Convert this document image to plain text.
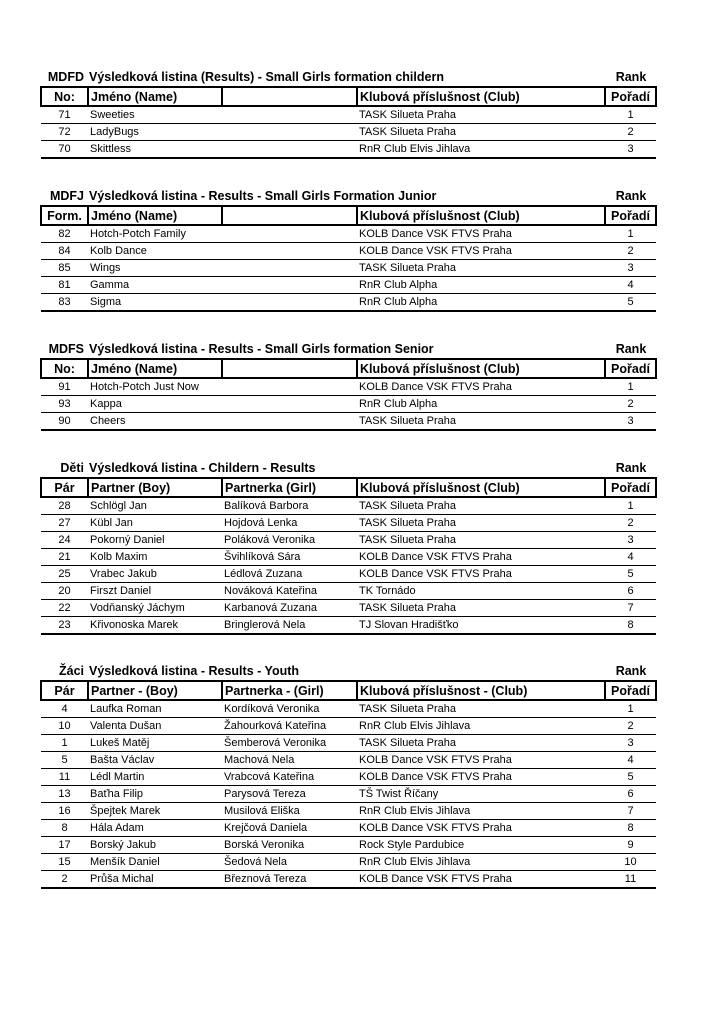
MDFD Výsledková listina (Results) - Small Girls formation childern	Rank
No:	Jméno (Name)		Klubová příslušnost (Club)	Pořadí
71	Sweeties		TASK Silueta Praha	1
72	LadyBugs		TASK Silueta Praha	2
70	Skittless		RnR Club Elvis Jihlava	3
MDFJ Výsledková listina - Results - Small Girls Formation Junior	Rank
Form.	Jméno (Name)		Klubová příslušnost (Club)	Pořadí
82	Hotch-Potch Family		KOLB Dance VSK FTVS Praha	1
84	Kolb Dance		KOLB Dance VSK FTVS Praha	2
85	Wings		TASK Silueta Praha	3
81	Gamma		RnR Club Alpha	4
83	Sigma		RnR Club Alpha	5
MDFS Výsledková listina - Results - Small Girls formation Senior	Rank
No:	Jméno (Name)		Klubová příslušnost (Club)	Pořadí
91	Hotch-Potch Just Now		KOLB Dance VSK FTVS Praha	1
93	Kappa		RnR Club Alpha	2
90	Cheers		TASK Silueta Praha	3
Děti Výsledková listina - Childern - Results	Rank
Pár	Partner (Boy)	Partnerka (Girl)	Klubová příslušnost (Club)	Pořadí
28	Schlögl Jan	Balíková Barbora	TASK Silueta Praha	1
27	Kübl Jan	Hojdová Lenka	TASK Silueta Praha	2
24	Pokorný Daniel	Poláková Veronika	TASK Silueta Praha	3
21	Kolb Maxim	Švihlíková Sára	KOLB Dance VSK FTVS Praha	4
25	Vrabec Jakub	Lédlová Zuzana	KOLB Dance VSK FTVS Praha	5
20	Firszt Daniel	Nováková Kateřina	TK Tornádo	6
22	Vodňanský Jáchym	Karbanová Zuzana	TASK Silueta Praha	7
23	Křivonoska Marek	Bringlerová Nela	TJ Slovan Hradišťko	8
Žáci Výsledková listina - Results - Youth	Rank
Pár	Partner - (Boy)	Partnerka - (Girl)	Klubová příslušnost - (Club)	Pořadí
4	Laufka Roman	Kordíková Veronika	TASK Silueta Praha	1
10	Valenta Dušan	Žahourková Kateřina	RnR Club Elvis Jihlava	2
1	Lukeš Matěj	Šemberová Veronika	TASK Silueta Praha	3
5	Bašta Václav	Machová Nela	KOLB Dance VSK FTVS Praha	4
11	Lédl Martin	Vrabcová Kateřina	KOLB Dance VSK FTVS Praha	5
13	Baťha Filip	Parysová Tereza	TŠ Twist Říčany	6
16	Špejtek Marek	Musilová Eliška	RnR Club Elvis Jihlava	7
8	Hála Adam	Krejčová Daniela	KOLB Dance VSK FTVS Praha	8
17	Borský Jakub	Borská Veronika	Rock Style Pardubice	9
15	Menšík Daniel	Šedová Nela	RnR Club Elvis Jihlava	10
2	Průša Michal	Březnová Tereza	KOLB Dance VSK FTVS Praha	11
